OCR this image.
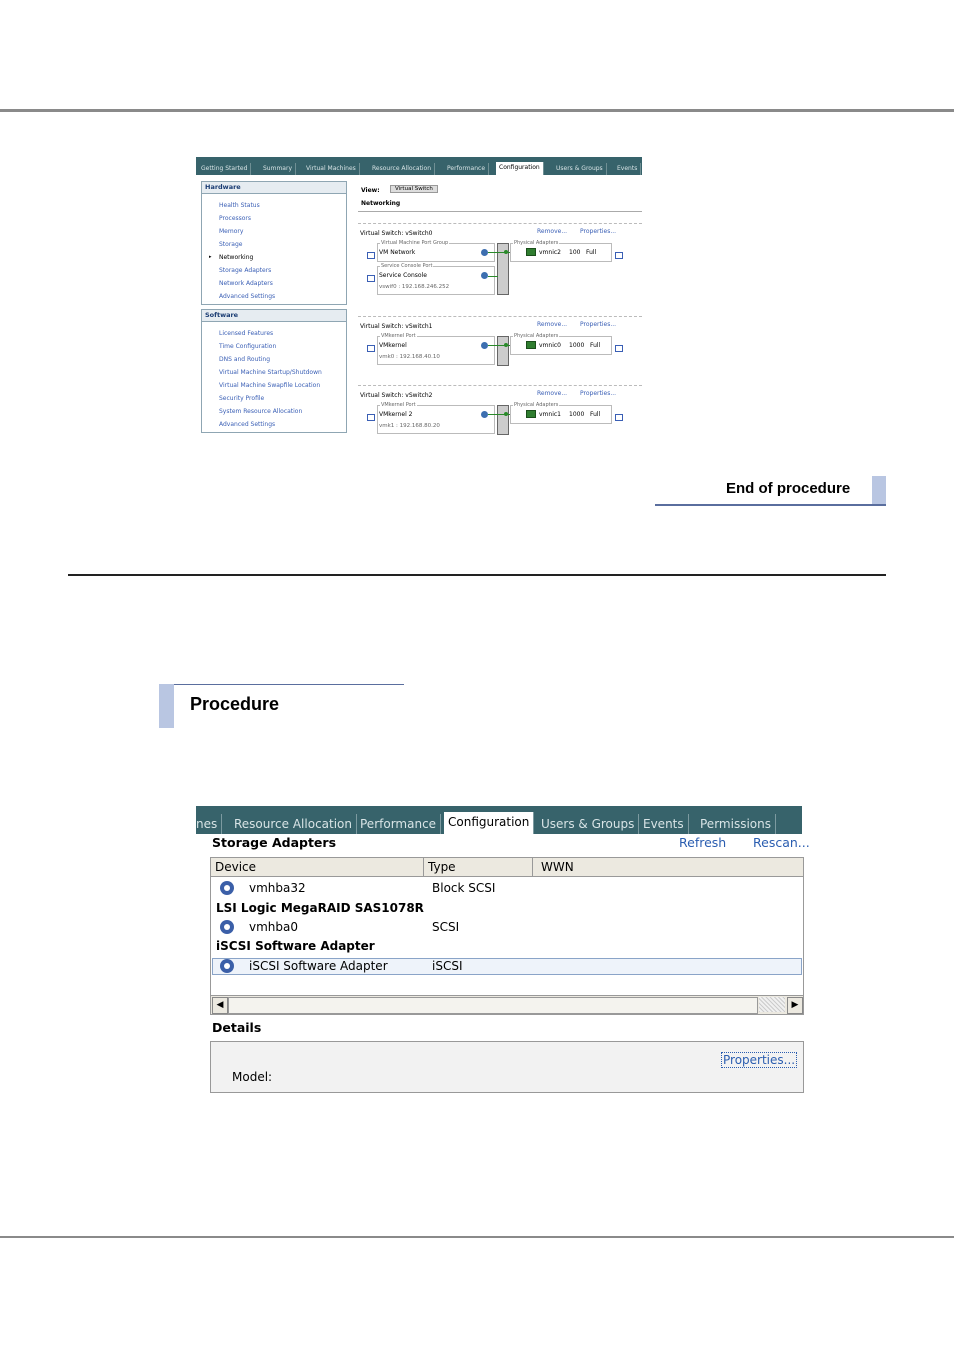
Getting Started	Summary	Virtual Machines	Resource Allocation	Performance	Configuration	Users & Groups	Events
Hardware
Health Status
Processors
Memory
Storage
▸ Networking
Storage Adapters
Network Adapters
Advanced Settings
Software
Licensed Features
Time Configuration
DNS and Routing
Virtual Machine Startup/Shutdown
Virtual Machine Swapfile Location
Security Profile
System Resource Allocation
Advanced Settings
View:	Virtual Switch
Networking
Virtual Switch: vSwitch0	Remove... Properties...
Virtual Machine Port Group
VM Network
Service Console Port
Service Console
vswif0 : 192.168.246.252
Physical Adapters
vmnic2 100 Full
Virtual Switch: vSwitch1	Remove... Properties...
VMkernel Port
VMkernel
vmk0 : 192.168.40.10
Physical Adapters
vmnic0 1000 Full
Virtual Switch: vSwitch2	Remove... Properties...
VMkernel Port
VMkernel 2
vmk1 : 192.168.80.20
Physical Adapters
vmnic1 1000 Full
End of procedure
Procedure
nes	Resource Allocation Performance Configuration Users & Groups Events	Permissions
Storage Adapters	Refresh Rescan...
Device	Type	WWN
vmhba32	Block SCSI
LSI Logic MegaRAID SAS1078R
vmhba0	SCSI
iSCSI Software Adapter
iSCSI Software Adapter	iSCSI
◀	▶
Details
Properties...
Model:
